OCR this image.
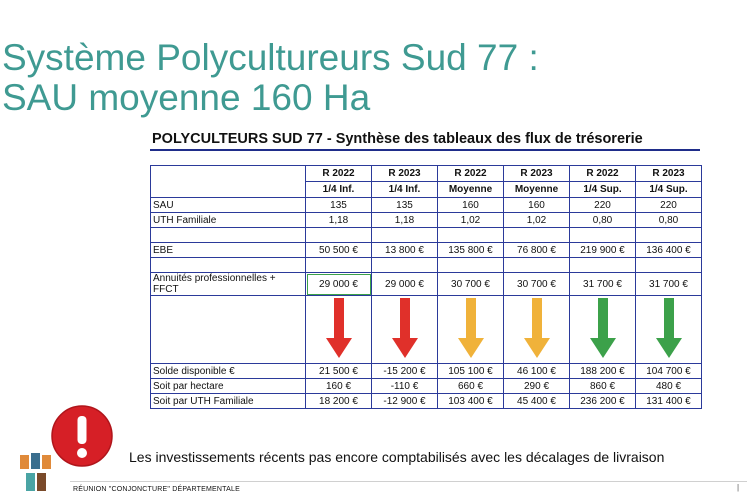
Système Polycultureurs Sud 77 :
SAU moyenne 160 Ha
POLYCULTEURS SUD 77 - Synthèse des tableaux des flux de trésorerie
	R 2022	R 2023	R 2022	R 2023	R 2022	R 2023
	1/4 Inf.	1/4 Inf.	Moyenne	Moyenne	1/4 Sup.	1/4 Sup.
SAU	135	135	160	160	220	220
UTH Familiale	1,18	1,18	1,02	1,02	0,80	0,80

EBE	50 500 €	13 800 €	135 800 €	76 800 €	219 900 €	136 400 €

Annuités professionnelles + FFCT	29 000 €	29 000 €	30 700 €	30 700 €	31 700 €	31 700 €

Solde disponible €	21 500 €	-15 200 €	105 100 €	46 100 €	188 200 €	104 700 €
Soit par hectare	160 €	-110 €	660 €	290 €	860 €	480 €
Soit par UTH Familiale	18 200 €	-12 900 €	103 400 €	45 400 €	236 200 €	131 400 €
Les investissements récents pas encore comptabilisés avec les décalages de livraison
RÉUNION "CONJONCTURE" DÉPARTEMENTALE	|
